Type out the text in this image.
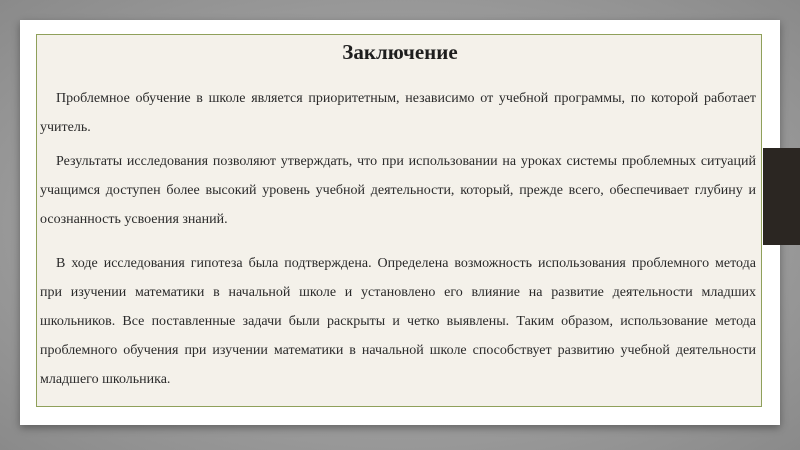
Заключение

Проблемное обучение в школе является приоритетным, независимо от учебной программы, по которой работает учитель.

Результаты исследования позволяют утверждать, что при использовании на уроках системы проблемных ситуаций учащимся доступен более высокий уровень учебной деятельности, который, прежде всего, обеспечивает глубину и осознанность усвоения знаний.

В ходе исследования гипотеза была подтверждена. Определена возможность использования проблемного метода при изучении математики в начальной школе и установлено его влияние на развитие деятельности младших школьников. Все поставленные задачи были раскрыты и четко выявлены. Таким образом, использование метода проблемного обучения при изучении математики в начальной школе способствует развитию учебной деятельности младшего школьника.
